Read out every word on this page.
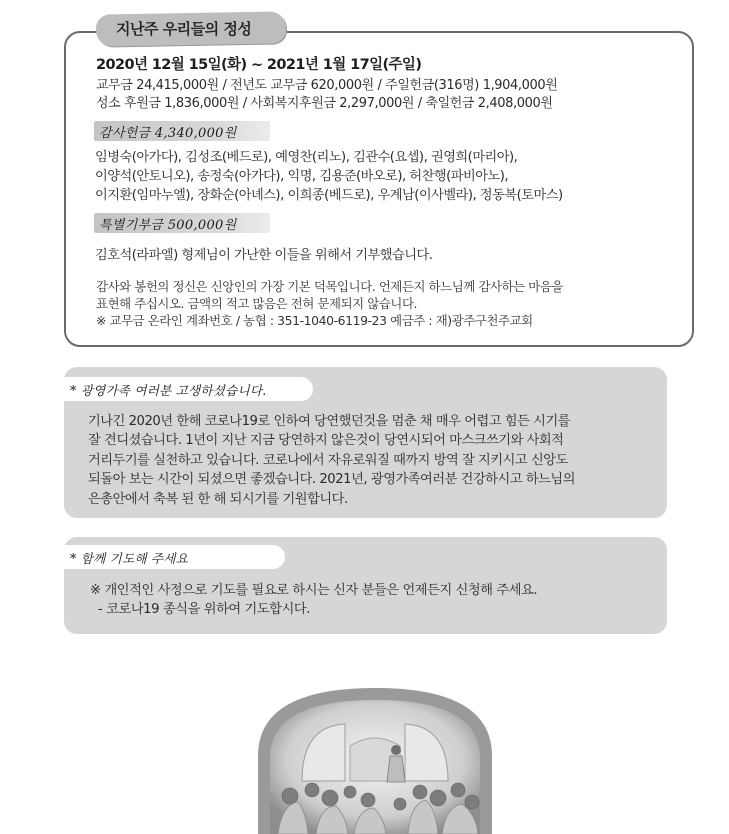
지난주 우리들의 정성
2020년 12월 15일(화) ~ 2021년 1월 17일(주일)
교무금 24,415,000원 / 전년도 교무금 620,000원 / 주일헌금(316명) 1,904,000원
성소 후원금 1,836,000원 / 사회복지후원금 2,297,000원 / 축일헌금 2,408,000원
감사헌금 4,340,000원
임병숙(아가다), 김성조(베드로), 예영찬(리노), 김관수(요셉), 권영희(마리아),
이양석(안토니오), 송정숙(아가다), 익명, 김용준(바오로), 허찬행(파비아노),
이지환(임마누엘), 장화순(아녜스), 이희종(베드로), 우계남(이사벨라), 정동복(토마스)
특별기부금 500,000원
김호석(라파엘) 형제님이 가난한 이들을 위해서 기부했습니다.
감사와 봉헌의 정신은 신앙인의 가장 기본 덕목입니다. 언제든지 하느님께 감사하는 마음을
표현해 주십시오. 금액의 적고 많음은 전혀 문제되지 않습니다.
※ 교무금 온라인 계좌번호 / 농협 : 351-1040-6119-23 예금주 : 재)광주구천주교회
* 광영가족 여러분 고생하셨습니다.
기나긴 2020년 한해 코로나19로 인하여 당연했던것을 멈춘 채 매우 어렵고 힘든 시기를
잘 견디셨습니다. 1년이 지난 지금 당연하지 않은것이 당연시되어 마스크쓰기와 사회적
거리두기를 실천하고 있습니다. 코로나에서 자유로워질 때까지 방역 잘 지키시고 신앙도
되돌아 보는 시간이 되셨으면 좋겠습니다. 2021년, 광영가족여러분 건강하시고 하느님의
은총안에서 축복 된 한 해 되시기를 기원합니다.
* 함께 기도해 주세요
※ 개인적인 사정으로 기도를 필요로 하시는 신자 분들은 언제든지 신청해 주세요.
- 코로나19 종식을 위하여 기도합시다.
